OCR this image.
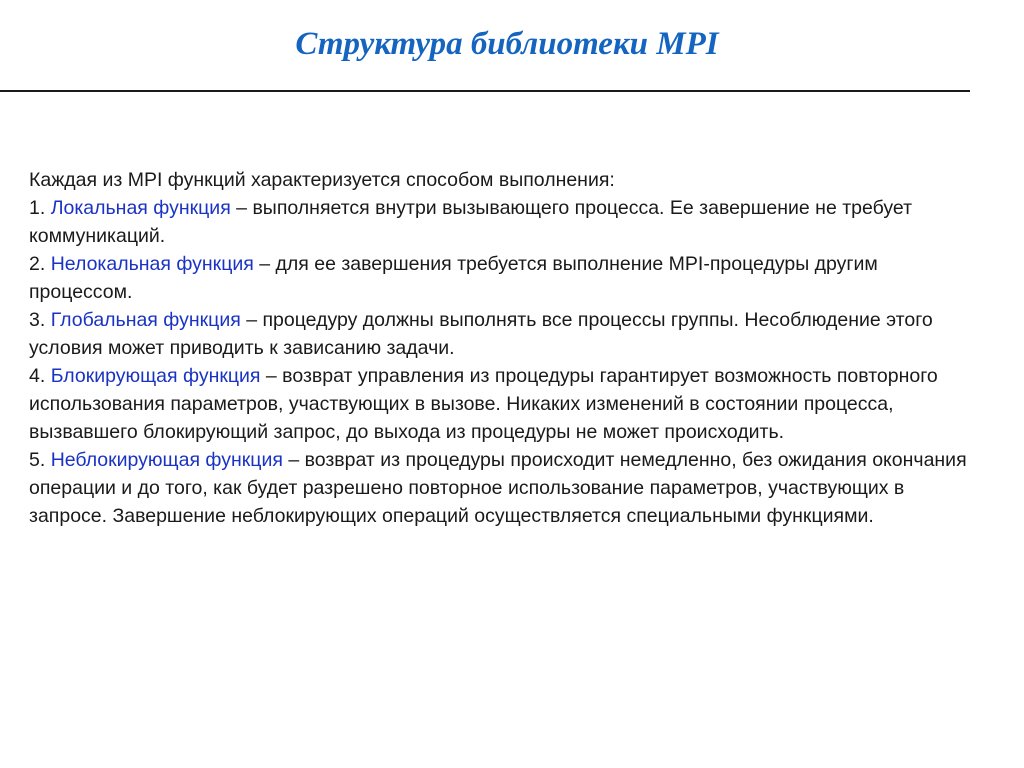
Структура библиотеки MPI

Каждая из MPI функций характеризуется способом выполнения:

1. Локальная функция – выполняется внутри вызывающего процесса. Ее завершение не требует коммуникаций.

2. Нелокальная функция – для ее завершения требуется выполнение MPI-процедуры другим процессом.

3. Глобальная функция – процедуру должны выполнять все процессы группы. Несоблюдение этого условия может приводить к зависанию задачи.

4. Блокирующая функция – возврат управления из процедуры гарантирует возможность повторного использования параметров, участвующих в вызове. Никаких изменений в состоянии процесса, вызвавшего блокирующий запрос, до выхода из процедуры не может происходить.

5. Неблокирующая функция – возврат из процедуры происходит немедленно, без ожидания окончания операции и до того, как будет разрешено повторное использование параметров, участвующих в запросе. Завершение неблокирующих операций осуществляется специальными функциями.
